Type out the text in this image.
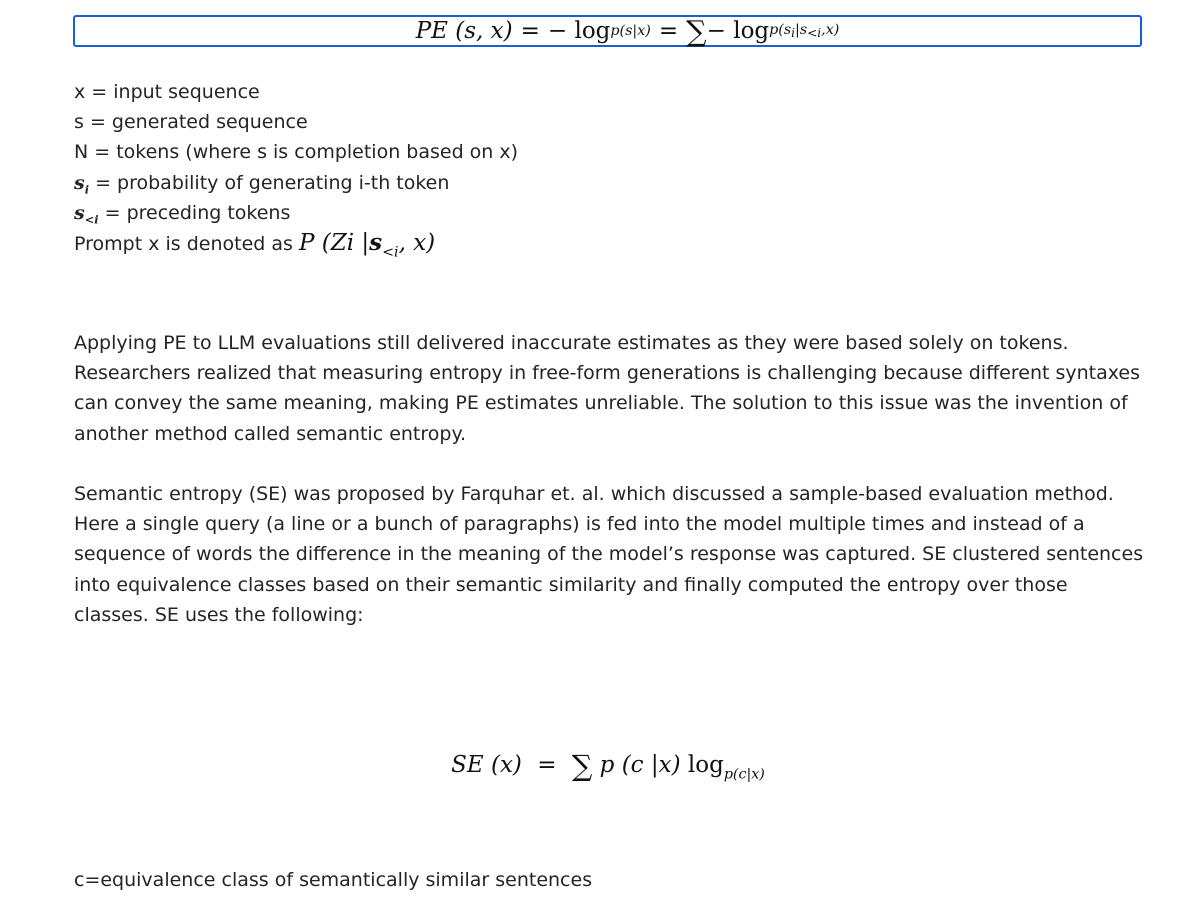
PE (s, x) = − log p(s|x) = ∑ − log p(si|s<i,x)
x = input sequence
s = generated sequence
N = tokens (where s is completion based on x)
$s_i$ = probability of generating i-th token
$s_{<i}$ = preceding tokens
Prompt x is denoted as P (Zi $|s_{<i}$, x)

Applying PE to LLM evaluations still delivered inaccurate estimates as they were based solely on tokens. Researchers realized that measuring entropy in free-form generations is challenging because different syntaxes can convey the same meaning, making PE estimates unreliable. The solution to this issue was the invention of another method called semantic entropy.

Semantic entropy (SE) was proposed by Farquhar et. al. which discussed a sample-based evaluation method. Here a single query (a line or a bunch of paragraphs) is fed into the model multiple times and instead of a sequence of words the difference in the meaning of the model’s response was captured. SE clustered sentences into equivalence classes based on their semantic similarity and finally computed the entropy over those classes. SE uses the following:

SE (x) = ∑ p (c |x) $\log_{p(c|x)}$
c=equivalence class of semantically similar sentences
